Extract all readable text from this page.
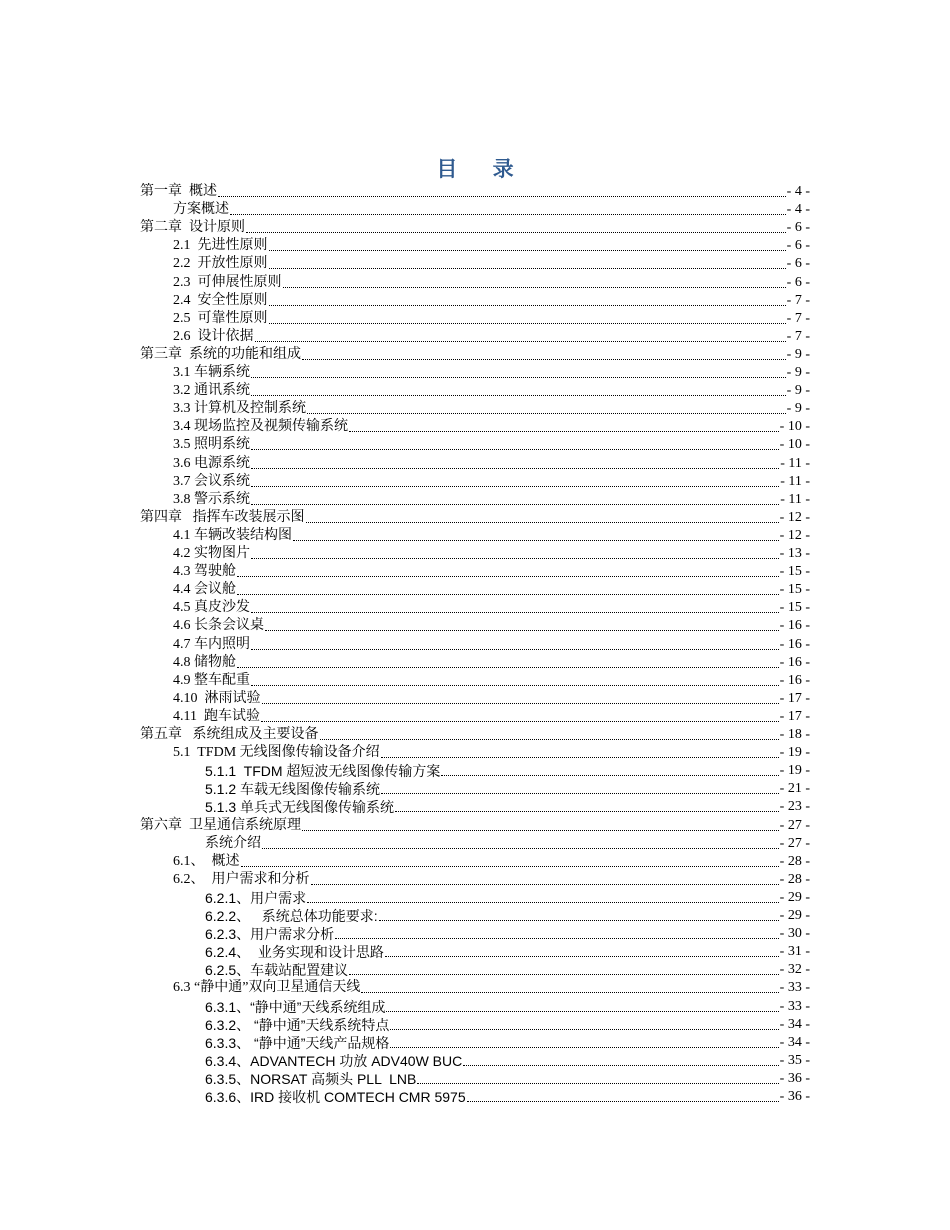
目 录
第一章  概述	- 4 -
方案概述	- 4 -
第二章  设计原则	- 6 -
2.1  先进性原则	- 6 -
2.2  开放性原则	- 6 -
2.3  可伸展性原则	- 6 -
2.4  安全性原则	- 7 -
2.5  可靠性原则	- 7 -
2.6  设计依据	- 7 -
第三章  系统的功能和组成	- 9 -
3.1 车辆系统	- 9 -
3.2 通讯系统	- 9 -
3.3 计算机及控制系统	- 9 -
3.4 现场监控及视频传输系统	- 10 -
3.5 照明系统	- 10 -
3.6 电源系统	- 11 -
3.7 会议系统	- 11 -
3.8 警示系统	- 11 -
第四章   指挥车改装展示图	- 12 -
4.1 车辆改装结构图	- 12 -
4.2 实物图片	- 13 -
4.3 驾驶舱	- 15 -
4.4 会议舱	- 15 -
4.5 真皮沙发	- 15 -
4.6 长条会议桌	- 16 -
4.7 车内照明	- 16 -
4.8 储物舱	- 16 -
4.9 整车配重	- 16 -
4.10  淋雨试验	- 17 -
4.11  跑车试验	- 17 -
第五章   系统组成及主要设备	- 18 -
5.1  TFDM 无线图像传输设备介绍	- 19 -
5.1.1  TFDM 超短波无线图像传输方案	- 19 -
5.1.2 车载无线图像传输系统	- 21 -
5.1.3 单兵式无线图像传输系统	- 23 -
第六章  卫星通信系统原理	- 27 -
系统介绍	- 27 -
6.1、  概述	- 28 -
6.2、  用户需求和分析	- 28 -
6.2.1、用户需求	- 29 -
6.2.2、   系统总体功能要求:	- 29 -
6.2.3、用户需求分析	- 30 -
6.2.4、  业务实现和设计思路	- 31 -
6.2.5、车载站配置建议	- 32 -
6.3 “静中通”双向卫星通信天线	- 33 -
6.3.1、“静中通”天线系统组成	- 33 -
6.3.2、 “静中通”天线系统特点	- 34 -
6.3.3、 “静中通”天线产品规格	- 34 -
6.3.4、ADVANTECH 功放 ADV40W BUC	- 35 -
6.3.5、NORSAT 高频头 PLL  LNB	- 36 -
6.3.6、IRD 接收机 COMTECH CMR 5975	- 36 -
